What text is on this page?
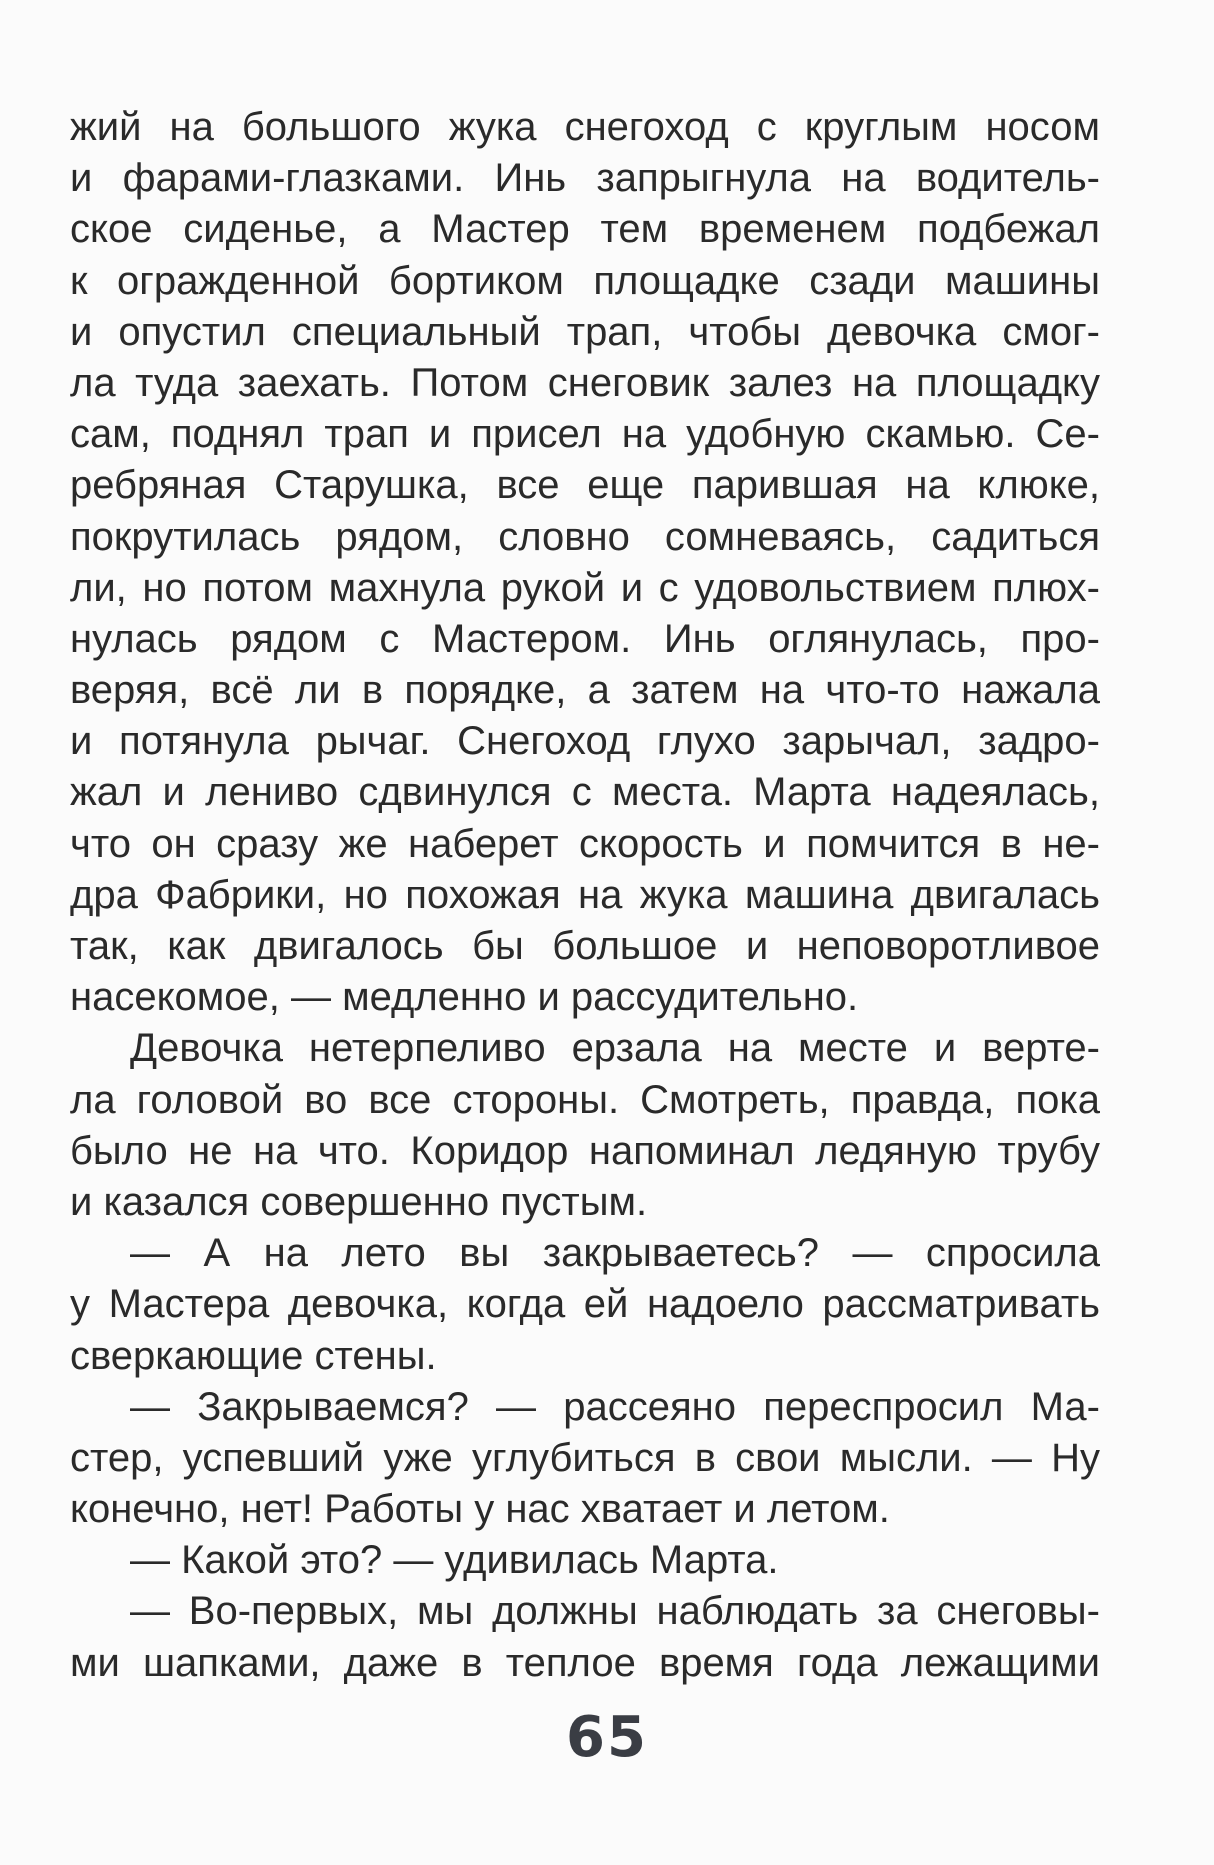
жий на большого жука снегоход с круглым носом
и фарами-глазками. Инь запрыгнула на водитель-
ское сиденье, а Мастер тем временем подбежал
к огражденной бортиком площадке сзади машины
и опустил специальный трап, чтобы девочка смог-
ла туда заехать. Потом снеговик залез на площадку
сам, поднял трап и присел на удобную скамью. Се-
ребряная Старушка, все еще парившая на клюке,
покрутилась рядом, словно сомневаясь, садиться
ли, но потом махнула рукой и с удовольствием плюх-
нулась рядом с Мастером. Инь оглянулась, про-
веряя, всё ли в порядке, а затем на что-то нажала
и потянула рычаг. Снегоход глухо зарычал, задро-
жал и лениво сдвинулся с места. Марта надеялась,
что он сразу же наберет скорость и помчится в не-
дра Фабрики, но похожая на жука машина двигалась
так, как двигалось бы большое и неповоротливое
насекомое, — медленно и рассудительно.
Девочка нетерпеливо ерзала на месте и верте-
ла головой во все стороны. Смотреть, правда, пока
было не на что. Коридор напоминал ледяную трубу
и казался совершенно пустым.
— А на лето вы закрываетесь? — спросила
у Мастера девочка, когда ей надоело рассматривать
сверкающие стены.
— Закрываемся? — рассеяно переспросил Ма-
стер, успевший уже углубиться в свои мысли. — Ну
конечно, нет! Работы у нас хватает и летом.
— Какой это? — удивилась Марта.
— Во-первых, мы должны наблюдать за снеговы-
ми шапками, даже в теплое время года лежащими
65
